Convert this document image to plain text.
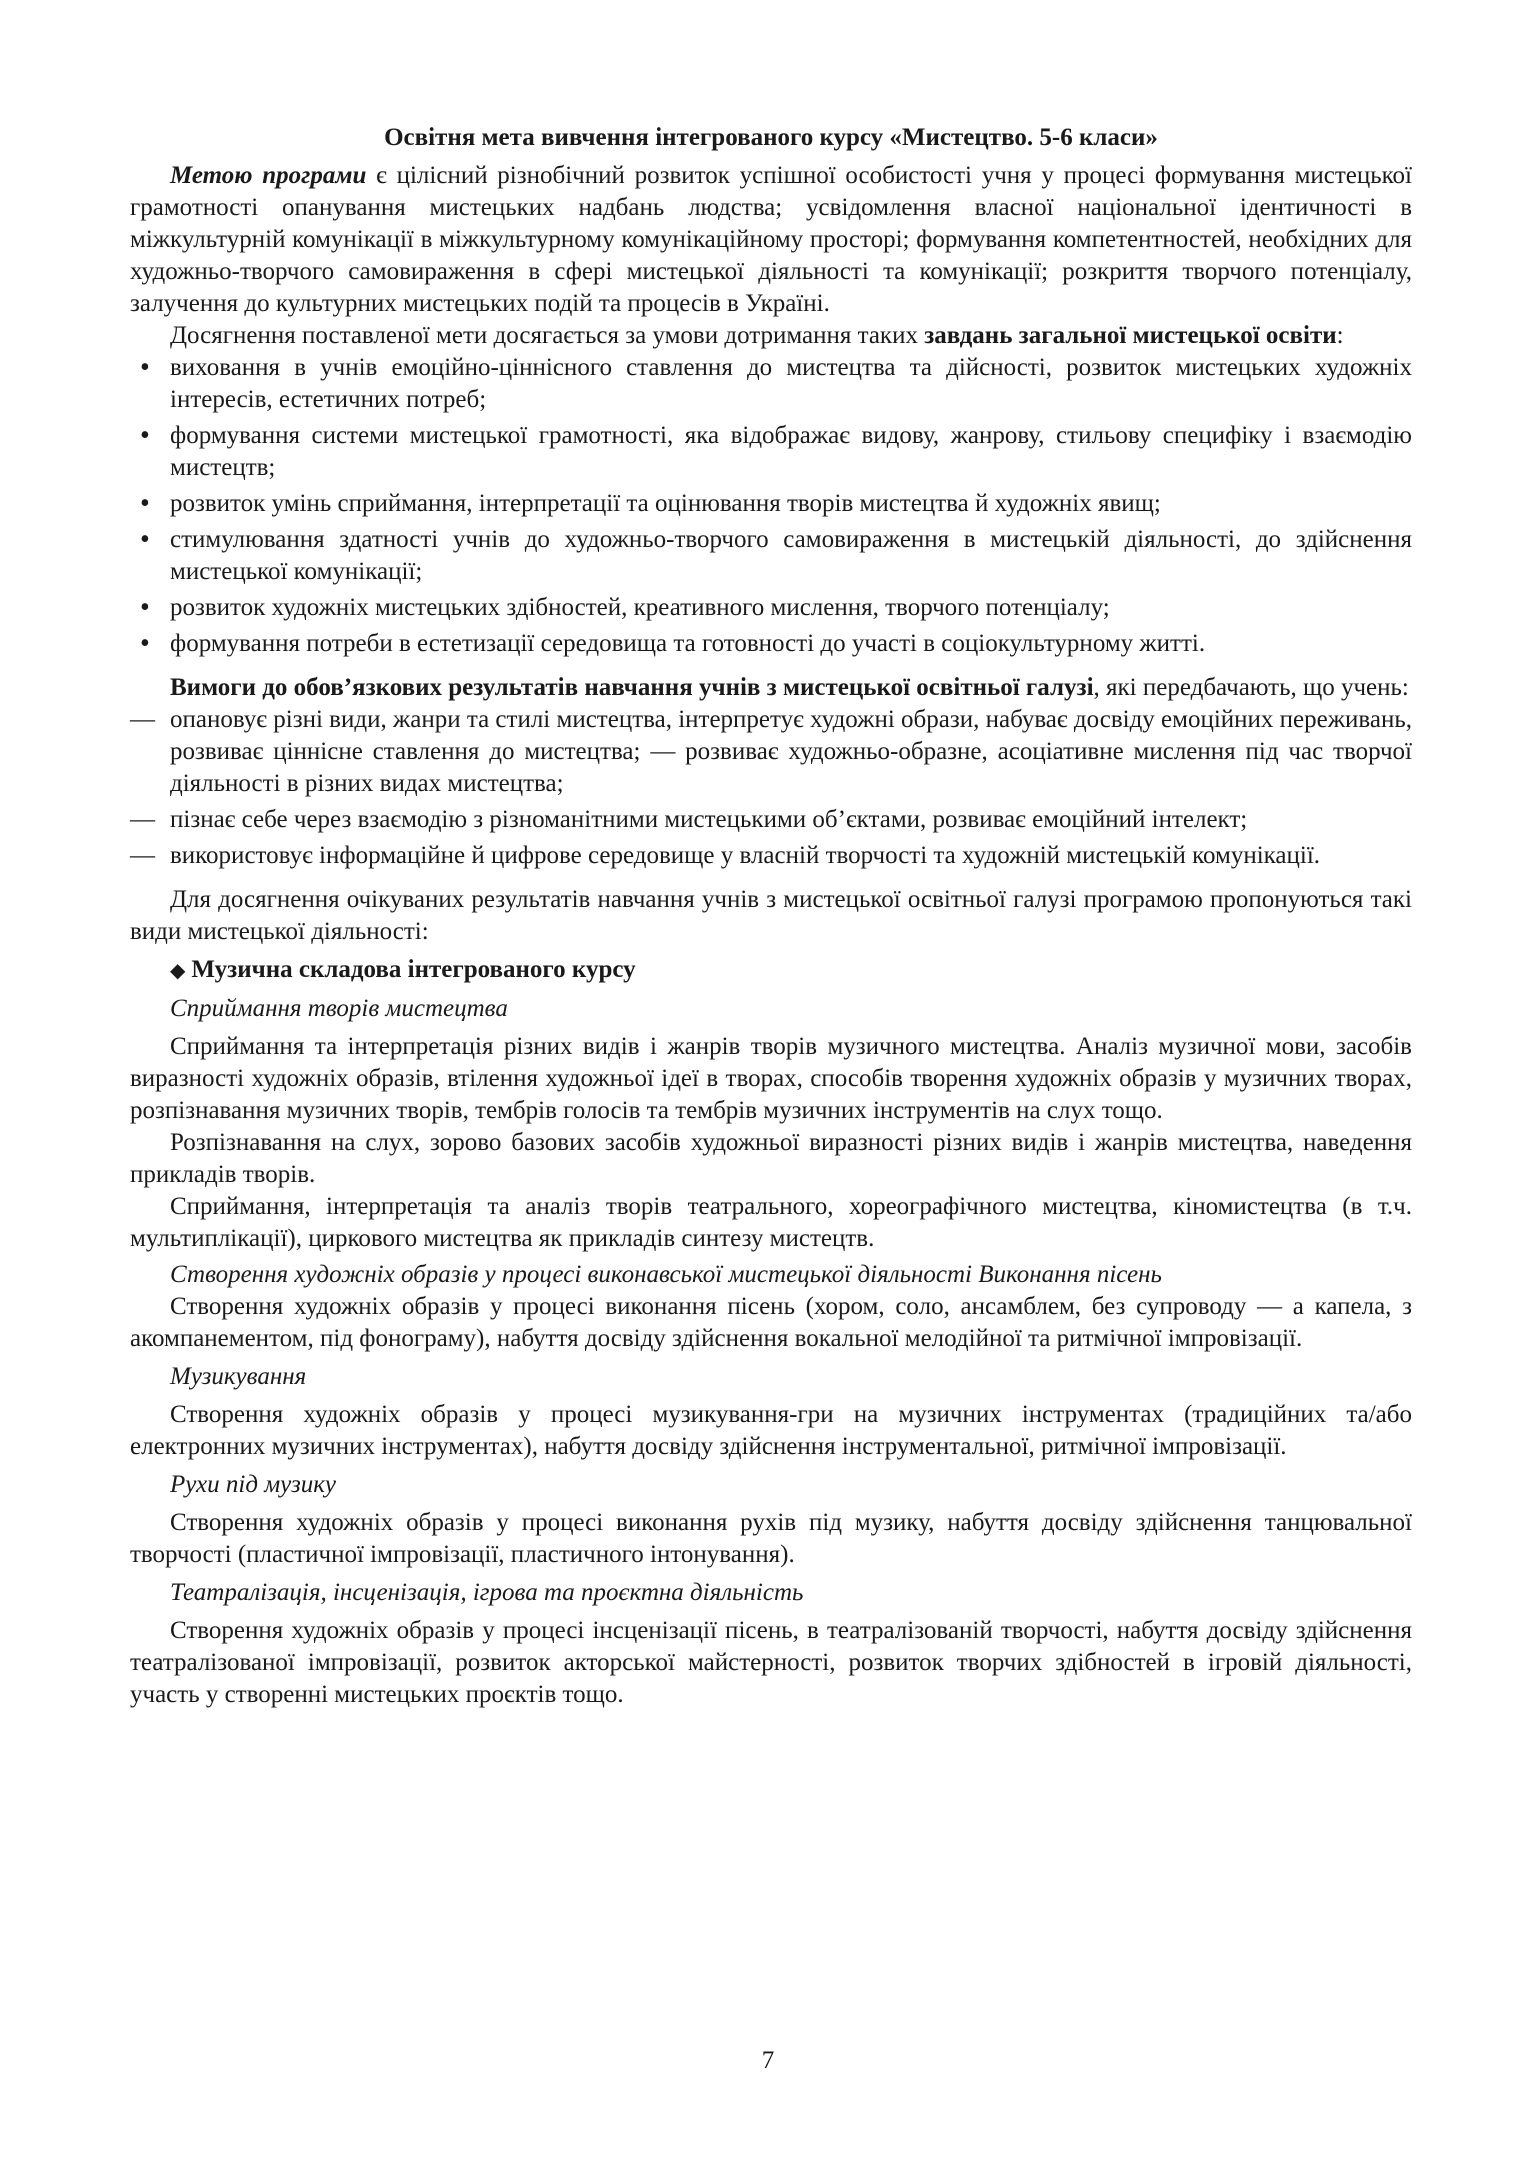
Освітня мета вивчення інтегрованого курсу «Мистецтво. 5-6 класи»

Метою програми є цілісний різнобічний розвиток успішної особистості учня у процесі формування мистецької грамотності опанування мистецьких надбань людства; усвідомлення власної національної ідентичності в міжкультурній комунікації в міжкультурному комунікаційному просторі; формування компетентностей, необхідних для художньо-творчого самовираження в сфері мистецької діяльності та комунікації; розкриття творчого потенціалу, залучення до культурних мистецьких подій та процесів в Україні.

Досягнення поставленої мети досягається за умови дотримання таких завдань загальної мистецької освіти:

• виховання в учнів емоційно-ціннісного ставлення до мистецтва та дійсності, розвиток мистецьких художніх інтересів, естетичних потреб;
• формування системи мистецької грамотності, яка відображає видову, жанрову, стильову специфіку і взаємодію мистецтв;
• розвиток умінь сприймання, інтерпретації та оцінювання творів мистецтва й художніх явищ;
• стимулювання здатності учнів до художньо-творчого самовираження в мистецькій діяльності, до здійснення мистецької комунікації;
• розвиток художніх мистецьких здібностей, креативного мислення, творчого потенціалу;
• формування потреби в естетизації середовища та готовності до участі в соціокультурному житті.

Вимоги до обов’язкових результатів навчання учнів з мистецької освітньої галузі, які передбачають, що учень:

— опановує різні види, жанри та стилі мистецтва, інтерпретує художні образи, набуває досвіду емоційних переживань, розвиває ціннісне ставлення до мистецтва; — розвиває художньо-образне, асоціативне мислення під час творчої діяльності в різних видах мистецтва;
— пізнає себе через взаємодію з різноманітними мистецькими об’єктами, розвиває емоційний інтелект;
— використовує інформаційне й цифрове середовище у власній творчості та художній мистецькій комунікації.

Для досягнення очікуваних результатів навчання учнів з мистецької освітньої галузі програмою пропонуються такі види мистецької діяльності:

◆ Музична складова інтегрованого курсу

Сприймання творів мистецтва

Сприймання та інтерпретація різних видів і жанрів творів музичного мистецтва. Аналіз музичної мови, засобів виразності художніх образів, втілення художньої ідеї в творах, способів творення художніх образів у музичних творах, розпізнавання музичних творів, тембрів голосів та тембрів музичних інструментів на слух тощо.

Розпізнавання на слух, зорово базових засобів художньої виразності різних видів і жанрів мистецтва, наведення прикладів творів.

Сприймання, інтерпретація та аналіз творів театрального, хореографічного мистецтва, кіномистецтва (в т.ч. мультиплікації), циркового мистецтва як прикладів синтезу мистецтв.

Створення художніх образів у процесі виконавської мистецької діяльності Виконання пісень

Створення художніх образів у процесі виконання пісень (хором, соло, ансамблем, без супроводу — а капела, з акомпанементом, під фонограму), набуття досвіду здійснення вокальної мелодійної та ритмічної імпровізації.

Музикування

Створення художніх образів у процесі музикування-гри на музичних інструментах (традиційних та/або електронних музичних інструментах), набуття досвіду здійснення інструментальної, ритмічної імпровізації.

Рухи під музику

Створення художніх образів у процесі виконання рухів під музику, набуття досвіду здійснення танцювальної творчості (пластичної імпровізації, пластичного інтонування).

Театралізація, інсценізація, ігрова та проєктна діяльність

Створення художніх образів у процесі інсценізації пісень, в театралізованій творчості, набуття досвіду здійснення театралізованої імпровізації, розвиток акторської майстерності, розвиток творчих здібностей в ігровій діяльності, участь у створенні мистецьких проєктів тощо.

7
